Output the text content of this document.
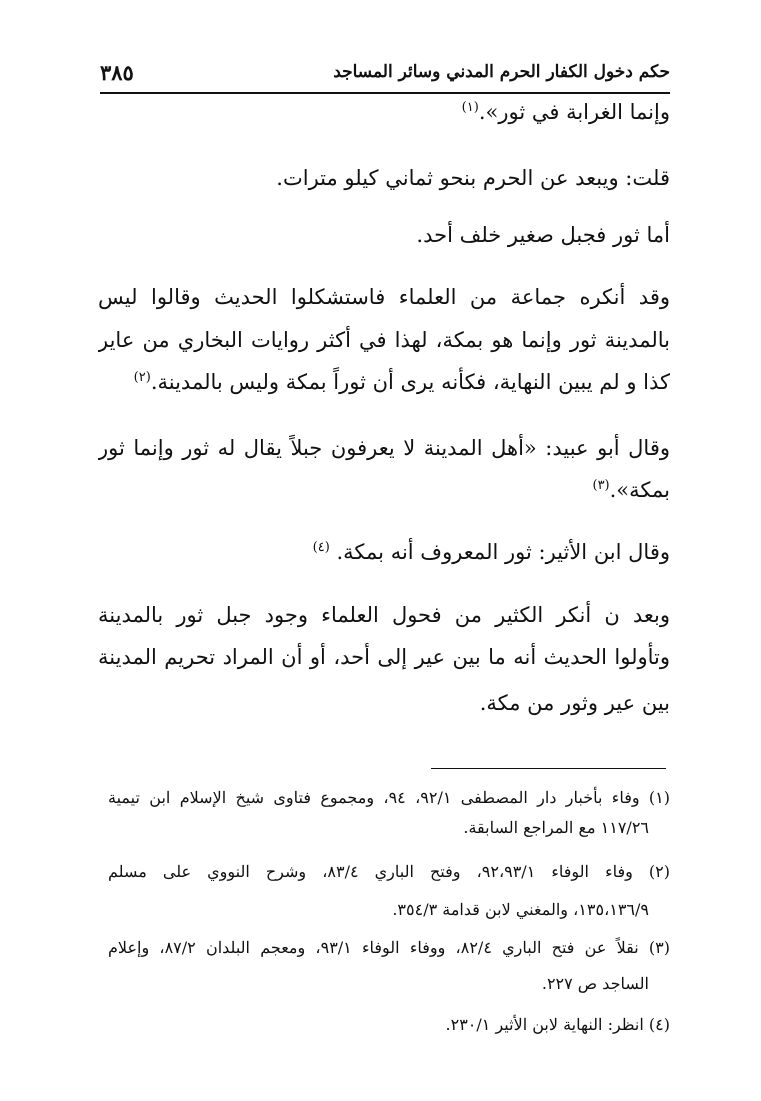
حكم دخول الكفار الحرم المدني وسائر المساجد
٣٨٥
وإنما الغرابة في ثور».$^{(١)}$
قلت: ويبعد عن الحرم بنحو ثماني كيلو مترات.
أما ثور فجبل صغير خلف أحد.
وقد أنكره جماعة من العلماء فاستشكلوا الحديث وقالوا ليس
بالمدينة ثور وإنما هو بمكة، لهذا في أكثر روايات البخاري من عاير
كذا و لم يبين النهاية، فكأنه يرى أن ثوراً بمكة وليس بالمدينة.$^{(٢)}$
وقال أبو عبيد: «أهل المدينة لا يعرفون جبلاً يقال له ثور وإنما ثور
بمكة».$^{(٣)}$
وقال ابن الأثير: ثور المعروف أنه بمكة. $^{(٤)}$
وبعد ن أنكر الكثير من فحول العلماء وجود جبل ثور بالمدينة
وتأولوا الحديث أنه ما بين عير إلى أحد، أو أن المراد تحريم المدينة
بين عير وثور من مكة.
(١) وفاء بأخبار دار المصطفى ٩٢/١، ٩٤، ومجموع فتاوى شيخ الإسلام ابن تيمية
١١٧/٢٦ مع المراجع السابقة.
(٢) وفاء الوفاء ٩٢،٩٣/١، وفتح الباري ٨٣/٤، وشرح النووي على مسلم
١٣٥،١٣٦/٩، والمغني لابن قدامة ٣٥٤/٣.
(٣) نقلاً عن فتح الباري ٨٢/٤، ووفاء الوفاء ٩٣/١، ومعجم البلدان ٨٧/٢، وإعلام
الساجد ص ٢٢٧.
(٤) انظر: النهاية لابن الأثير ٢٣٠/١.
